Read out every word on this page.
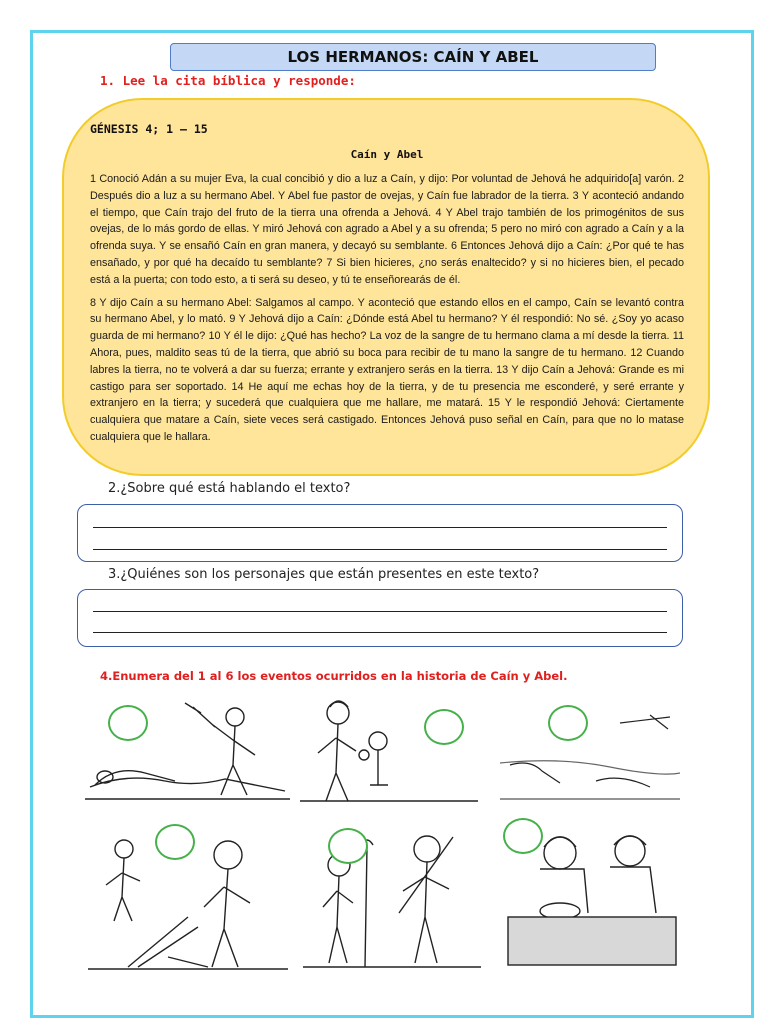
LOS HERMANOS: CAÍN Y ABEL
1. Lee la cita bíblica y responde:

GÉNESIS 4; 1 – 15

Caín y Abel

1 Conoció Adán a su mujer Eva, la cual concibió y dio a luz a Caín, y dijo: Por voluntad de Jehová he adquirido[a] varón. 2 Después dio a luz a su hermano Abel. Y Abel fue pastor de ovejas, y Caín fue labrador de la tierra. 3 Y aconteció andando el tiempo, que Caín trajo del fruto de la tierra una ofrenda a Jehová. 4 Y Abel trajo también de los primogénitos de sus ovejas, de lo más gordo de ellas. Y miró Jehová con agrado a Abel y a su ofrenda; 5 pero no miró con agrado a Caín y a la ofrenda suya. Y se ensañó Caín en gran manera, y decayó su semblante. 6 Entonces Jehová dijo a Caín: ¿Por qué te has ensañado, y por qué ha decaído tu semblante? 7 Si bien hicieres, ¿no serás enaltecido? y si no hicieres bien, el pecado está a la puerta; con todo esto, a ti será su deseo, y tú te enseñorearás de él.

8 Y dijo Caín a su hermano Abel: Salgamos al campo. Y aconteció que estando ellos en el campo, Caín se levantó contra su hermano Abel, y lo mató. 9 Y Jehová dijo a Caín: ¿Dónde está Abel tu hermano? Y él respondió: No sé. ¿Soy yo acaso guarda de mi hermano? 10 Y él le dijo: ¿Qué has hecho? La voz de la sangre de tu hermano clama a mí desde la tierra. 11 Ahora, pues, maldito seas tú de la tierra, que abrió su boca para recibir de tu mano la sangre de tu hermano. 12 Cuando labres la tierra, no te volverá a dar su fuerza; errante y extranjero serás en la tierra. 13 Y dijo Caín a Jehová: Grande es mi castigo para ser soportado. 14 He aquí me echas hoy de la tierra, y de tu presencia me esconderé, y seré errante y extranjero en la tierra; y sucederá que cualquiera que me hallare, me matará. 15 Y le respondió Jehová: Ciertamente cualquiera que matare a Caín, siete veces será castigado. Entonces Jehová puso señal en Caín, para que no lo matase cualquiera que le hallara.

2.¿Sobre qué está hablando el texto?
3.¿Quiénes son los personajes que están presentes en este texto?
4.Enumera del 1 al 6 los eventos ocurridos en la historia de Caín y Abel.
